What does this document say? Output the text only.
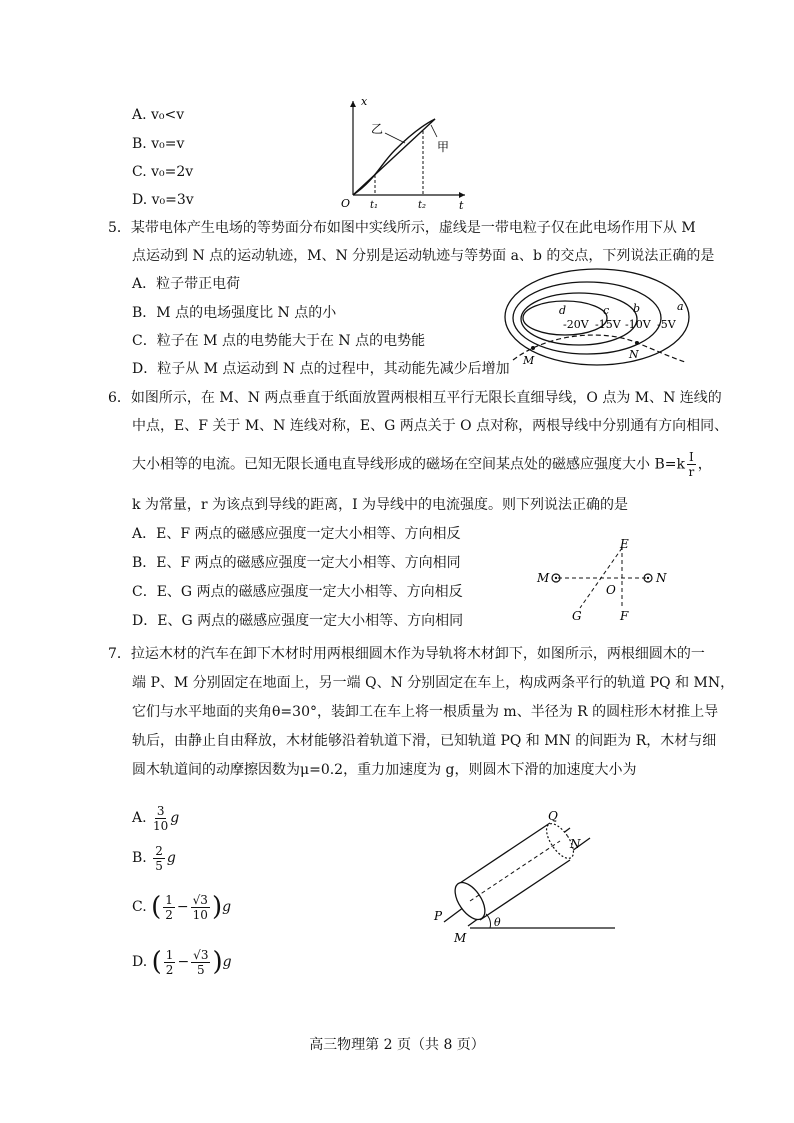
A. v₀<v
B. v₀=v
C. v₀=2v
D. v₀=3v
x
t
O t₁	t₂
乙
甲
5．某带电体产生电场的等势面分布如图中实线所示，虚线是一带电粒子仅在此电场作用下从 M
点运动到 N 点的运动轨迹，M、N 分别是运动轨迹与等势面 a、b 的交点，下列说法正确的是
A．粒子带正电荷
B．M 点的电场强度比 N 点的小
C．粒子在 M 点的电势能大于在 N 点的电势能
D．粒子从 M 点运动到 N 点的过程中，其动能先减少后增加
d	c b	a
-20V -15V -10V -5V
M	N
6．如图所示，在 M、N 两点垂直于纸面放置两根相互平行无限长直细导线，O 点为 M、N 连线的
中点，E、F 关于 M、N 连线对称，E、G 两点关于 O 点对称，两根导线中分别通有方向相同、
大小相等的电流。已知无限长通电直导线形成的磁场在空间某点处的磁感应强度大小 $B=k \frac{I}{r}$ ，
k 为常量，r 为该点到导线的距离，I 为导线中的电流强度。则下列说法正确的是
A．E、F 两点的磁感应强度一定大小相等、方向相反
B．E、F 两点的磁感应强度一定大小相等、方向相同
C．E、G 两点的磁感应强度一定大小相等、方向相反
D．E、G 两点的磁感应强度一定大小相等、方向相同
M	N
O
E
F
G
7．拉运木材的汽车在卸下木材时用两根细圆木作为导轨将木材卸下，如图所示，两根细圆木的一
端 P、M 分别固定在地面上，另一端 Q、N 分别固定在车上，构成两条平行的轨道 PQ 和 MN，
它们与水平地面的夹角θ=30°，装卸工在车上将一根质量为 m、半径为 R 的圆柱形木材推上导
轨后，由静止自由释放，木材能够沿着轨道下滑，已知轨道 PQ 和 MN 的间距为 R，木材与细
圆木轨道间的动摩擦因数为μ=0.2，重力加速度为 g，则圆木下滑的加速度大小为
A. $\frac{3}{10}$ g
B. $\frac{2}{5}$ g
C. ( $\frac{1}{2} - \frac{√3}{10} )g$
D. ( $\frac{1}{2} - \frac{√3}{5} )g$
P
M
Q
N
θ
高三物理第 2 页（共 8 页）
